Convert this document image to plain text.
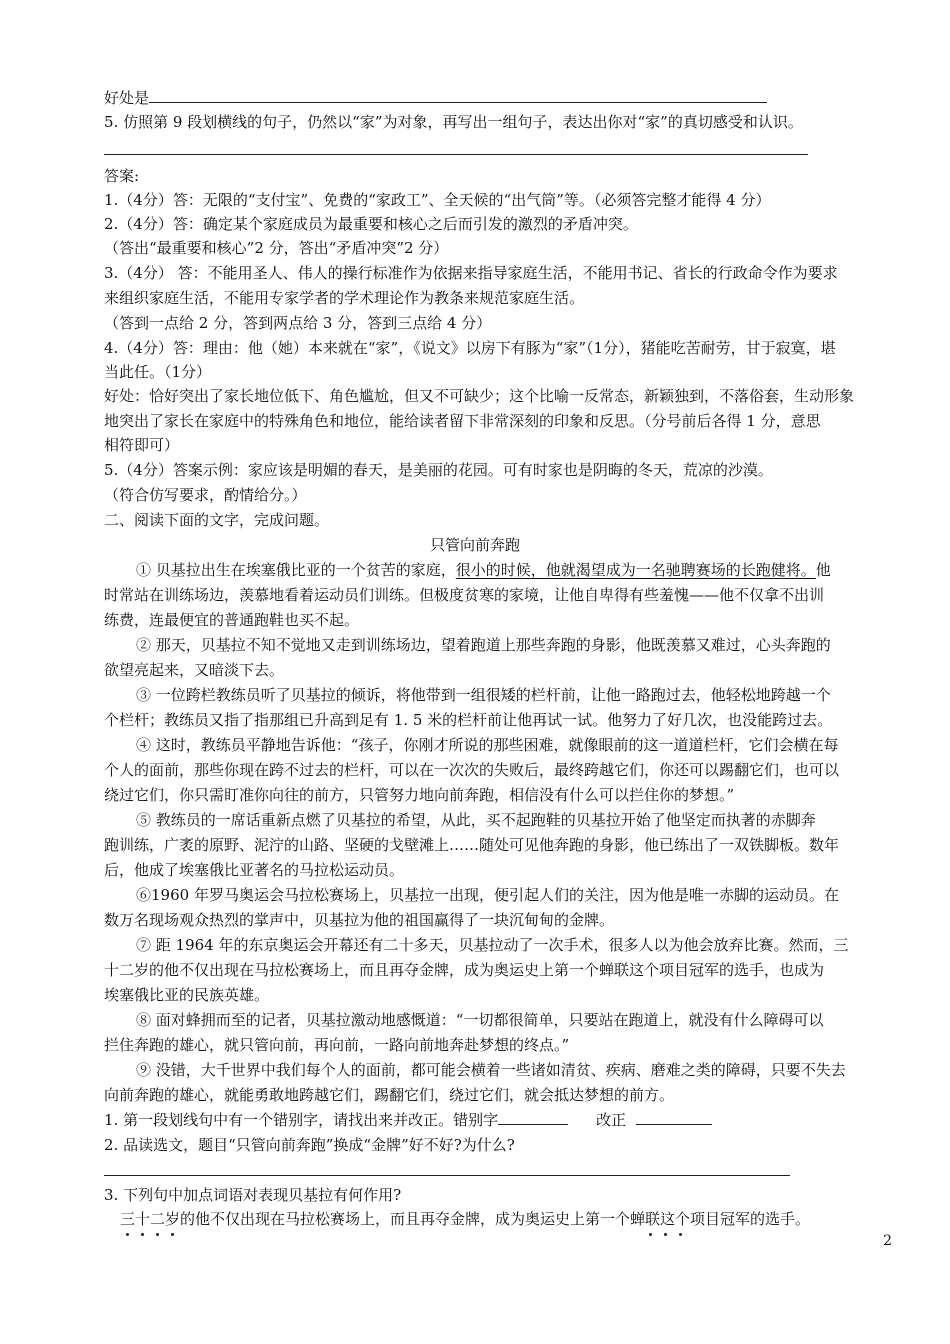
好处是
5. 仿照第 9 段划横线的句子，仍然以“家”为对象，再写出一组句子，表达出你对“家”的真切感受和认识。
答案:
1.（4分）答：无限的“支付宝”、免费的“家政工”、全天候的“出气筒”等。（必须答完整才能得 4 分）
2.（4分）答：确定某个家庭成员为最重要和核心之后而引发的激烈的矛盾冲突。
（答出“最重要和核心”2 分，答出“矛盾冲突”2 分）
3.（4分） 答：不能用圣人、伟人的操行标准作为依据来指导家庭生活，不能用书记、省长的行政命令作为要求
来组织家庭生活，不能用专家学者的学术理论作为教条来规范家庭生活。
（答到一点给 2 分，答到两点给 3 分，答到三点给 4 分）
4.（4分）答：理由：他（她）本来就在“家”，《说文》以房下有豚为“家”（1分），猪能吃苦耐劳，甘于寂寞，堪
当此任。（1分）
好处：恰好突出了家长地位低下、角色尴尬，但又不可缺少；这个比喻一反常态，新颖独到，不落俗套，生动形象
地突出了家长在家庭中的特殊角色和地位，能给读者留下非常深刻的印象和反思。（分号前后各得 1 分，意思
相符即可）
5.（4分）答案示例：家应该是明媚的春天，是美丽的花园。可有时家也是阴晦的冬天，荒凉的沙漠。
（符合仿写要求，酌情给分。）
二、阅读下面的文字，完成问题。
只管向前奔跑
① 贝基拉出生在埃塞俄比亚的一个贫苦的家庭，很小的时候，他就渴望成为一名驰聘赛场的长跑健将。他
时常站在训练场边，羡慕地看着运动员们训练。但极度贫寒的家境，让他自卑得有些羞愧——他不仅拿不出训
练费，连最便宜的普通跑鞋也买不起。
② 那天，贝基拉不知不觉地又走到训练场边，望着跑道上那些奔跑的身影，他既羡慕又难过，心头奔跑的
欲望亮起来，又暗淡下去。
③ 一位跨栏教练员听了贝基拉的倾诉，将他带到一组很矮的栏杆前，让他一路跑过去，他轻松地跨越一个
个栏杆；教练员又指了指那组已升高到足有 1. 5 米的栏杆前让他再试一试。他努力了好几次，也没能跨过去。
④ 这时，教练员平静地告诉他：“孩子，你刚才所说的那些困难，就像眼前的这一道道栏杆，它们会横在每
个人的面前，那些你现在跨不过去的栏杆，可以在一次次的失败后，最终跨越它们，你还可以踢翻它们，也可以
绕过它们，你只需盯准你向往的前方，只管努力地向前奔跑，相信没有什么可以拦住你的梦想。”
⑤ 教练员的一席话重新点燃了贝基拉的希望，从此，买不起跑鞋的贝基拉开始了他坚定而执著的赤脚奔
跑训练，广袤的原野、泥泞的山路、坚硬的戈壁滩上……随处可见他奔跑的身影，他已练出了一双铁脚板。数年
后，他成了埃塞俄比亚著名的马拉松运动员。
⑥1960 年罗马奥运会马拉松赛场上，贝基拉一出现，便引起人们的关注，因为他是唯一赤脚的运动员。在
数万名现场观众热烈的掌声中，贝基拉为他的祖国赢得了一块沉甸甸的金牌。
⑦ 距 1964 年的东京奥运会开幕还有二十多天，贝基拉动了一次手术，很多人以为他会放弃比赛。然而，三
十二岁的他不仅出现在马拉松赛场上，而且再夺金牌，成为奥运史上第一个蝉联这个项目冠军的选手，也成为
埃塞俄比亚的民族英雄。
⑧ 面对蜂拥而至的记者，贝基拉激动地感慨道：“一切都很简单，只要站在跑道上，就没有什么障碍可以
拦住奔跑的雄心，就只管向前，再向前，一路向前地奔赴梦想的终点。”
⑨ 没错，大千世界中我们每个人的面前，都可能会横着一些诸如清贫、疾病、磨难之类的障碍，只要不失去
向前奔跑的雄心，就能勇敢地跨越它们，踢翻它们，绕过它们，就会抵达梦想的前方。
1. 第一段划线句中有一个错别字，请找出来并改正。错别字	改正
2. 品读选文，题目“只管向前奔跑”换成“金牌”好不好?为什么?
3. 下列句中加点词语对表现贝基拉有何作用?
三十二岁的他不仅出现在马拉松赛场上，而且再夺金牌，成为奥运史上第一个蝉联这个项目冠军的选手。
2
